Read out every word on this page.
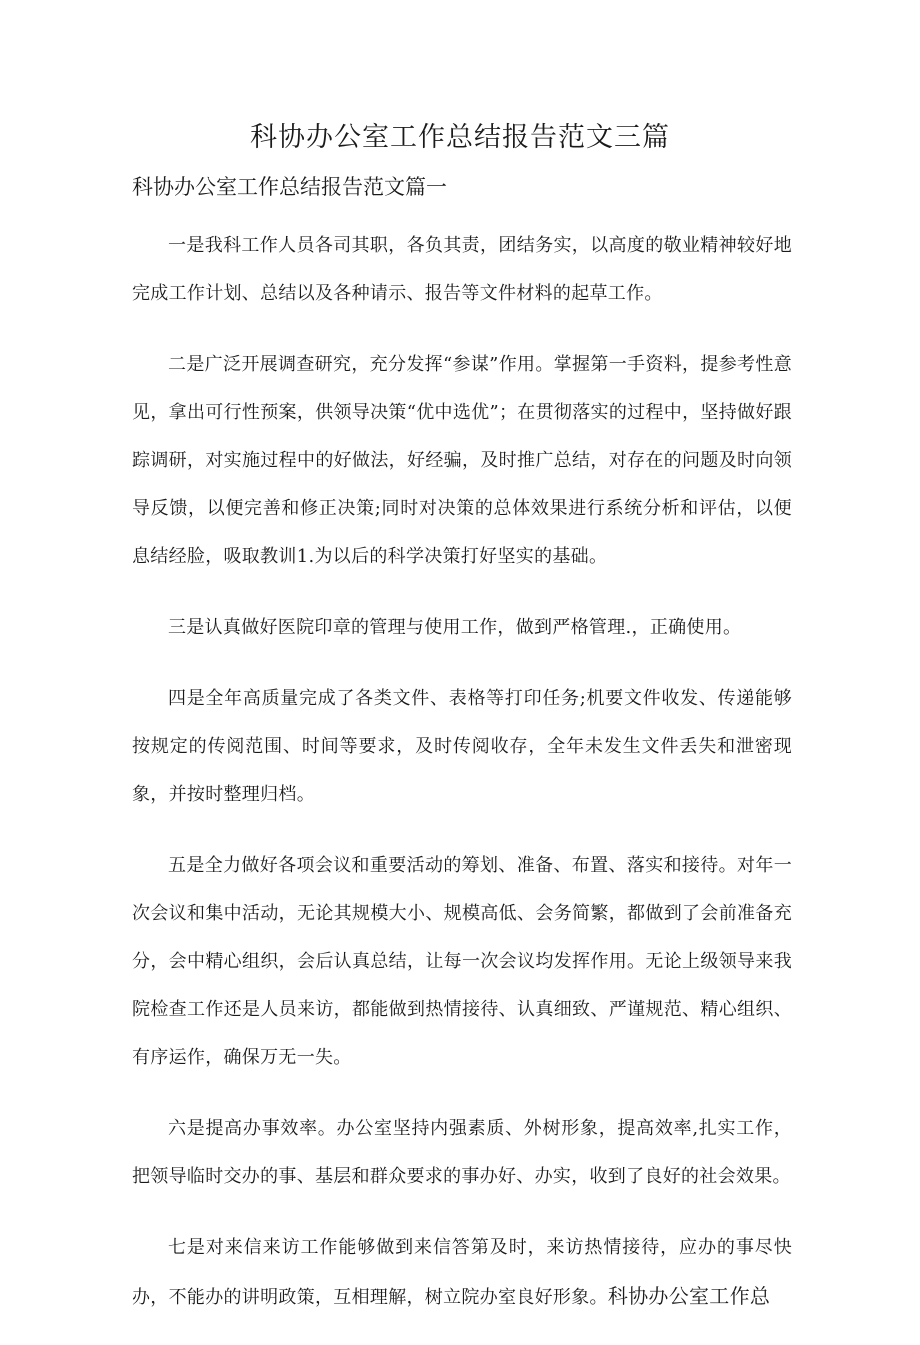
科协办公室工作总结报告范文三篇
科协办公室工作总结报告范文篇一

一是我科工作人员各司其职，各负其责，团结务实，以高度的敬业精神较好地完成工作计划、总结以及各种请示、报告等文件材料的起草工作。

二是广泛开展调查研究，充分发挥“参谋”作用。掌握第一手资料，提参考性意见，拿出可行性预案，供领导决策“优中选优”；在贯彻落实的过程中，坚持做好跟踪调研，对实施过程中的好做法，好经骗，及时推广总结，对存在的问题及时向领导反馈，以便完善和修正决策;同时对决策的总体效果进行系统分析和评估，以便息结经脸，吸取教训1.为以后的科学决策打好坚实的基础。

三是认真做好医院印章的管理与使用工作，做到严格管理.，正确使用。

四是全年高质量完成了各类文件、表格等打印任务;机要文件收发、传递能够按规定的传阅范围、时间等要求，及时传阅收存，全年未发生文件丢失和泄密现象，并按时整理归档。

五是全力做好各项会议和重要活动的筹划、准备、布置、落实和接待。对年一次会议和集中活动，无论其规模大小、规模高低、会务简繁，都做到了会前准备充分，会中精心组织，会后认真总结，让每一次会议均发挥作用。无论上级领导来我院检查工作还是人员来访，都能做到热情接待、认真细致、严谨规范、精心组织、有序运作，确保万无一失。

六是提高办事效率。办公室坚持内强素质、外树形象，提高效率,扎实工作，把领导临时交办的事、基层和群众要求的事办好、办实，收到了良好的社会效果。

七是对来信来访工作能够做到来信答第及时，来访热情接待，应办的事尽快办，不能办的讲明政策，互相理解，树立院办室良好形象。科协办公室工作总
